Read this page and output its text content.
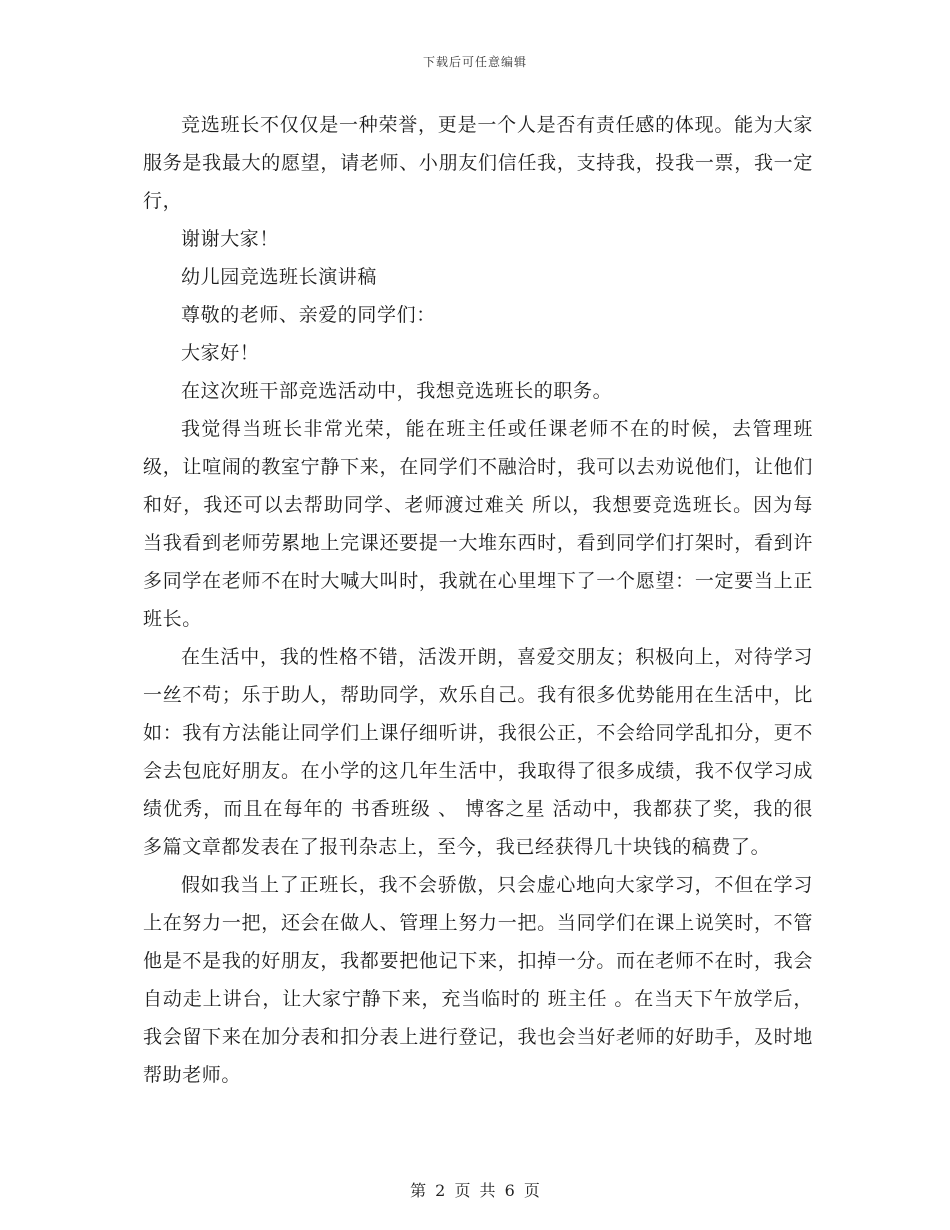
下载后可任意编辑

竞选班长不仅仅是一种荣誉，更是一个人是否有责任感的体现。能为大家服务是我最大的愿望，请老师、小朋友们信任我，支持我，投我一票，我一定行，

谢谢大家！

幼儿园竞选班长演讲稿

尊敬的老师、亲爱的同学们：

大家好！

在这次班干部竞选活动中，我想竞选班长的职务。

我觉得当班长非常光荣，能在班主任或任课老师不在的时候，去管理班级，让喧闹的教室宁静下来，在同学们不融洽时，我可以去劝说他们，让他们和好，我还可以去帮助同学、老师渡过难关 所以，我想要竞选班长。因为每当我看到老师劳累地上完课还要提一大堆东西时，看到同学们打架时，看到许多同学在老师不在时大喊大叫时，我就在心里埋下了一个愿望：一定要当上正班长。

在生活中，我的性格不错，活泼开朗，喜爱交朋友；积极向上，对待学习一丝不苟；乐于助人，帮助同学，欢乐自己。我有很多优势能用在生活中，比如：我有方法能让同学们上课仔细听讲，我很公正，不会给同学乱扣分，更不会去包庇好朋友。在小学的这几年生活中，我取得了很多成绩，我不仅学习成绩优秀，而且在每年的 书香班级 、 博客之星 活动中，我都获了奖，我的很多篇文章都发表在了报刊杂志上，至今，我已经获得几十块钱的稿费了。

假如我当上了正班长，我不会骄傲，只会虚心地向大家学习，不但在学习上在努力一把，还会在做人、管理上努力一把。当同学们在课上说笑时，不管他是不是我的好朋友，我都要把他记下来，扣掉一分。而在老师不在时，我会自动走上讲台，让大家宁静下来，充当临时的 班主任 。在当天下午放学后，我会留下来在加分表和扣分表上进行登记，我也会当好老师的好助手，及时地帮助老师。

第 2 页 共 6 页
